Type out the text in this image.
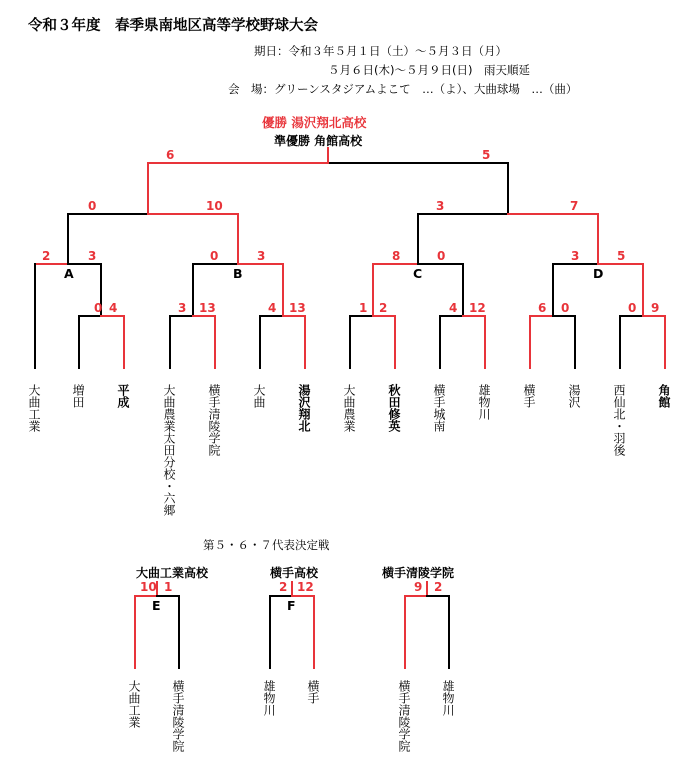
令和３年度　春季県南地区高等学校野球大会
期日：令和３年５月１日（土）～５月３日（月）
５月６日(木)～５月９日(日)　雨天順延
会　場：グリーンスタジアムよこて　…（よ）、大曲球場　…（曲）
優勝 湯沢翔北高校
準優勝 角館高校
6	5
0	10	3	7
2	3
A
0	3
B
8	0
C
3	5
D
0 4	3 13	4 13	1 2	4 12	6 0	0 9
大曲工業	増田	平成	大曲農業太田分校・六郷	横手清陵学院	大曲	湯沢翔北	大曲農業	秋田修英	横手城南	雄物川	横手	湯沢	西仙北・羽後	角館
第５・６・７代表決定戦
大曲工業高校
10 1
E
大曲工業	横手清陵学院
横手高校
2 12
F
雄物川	横手
横手清陵学院
9 2
横手清陵学院	雄物川
